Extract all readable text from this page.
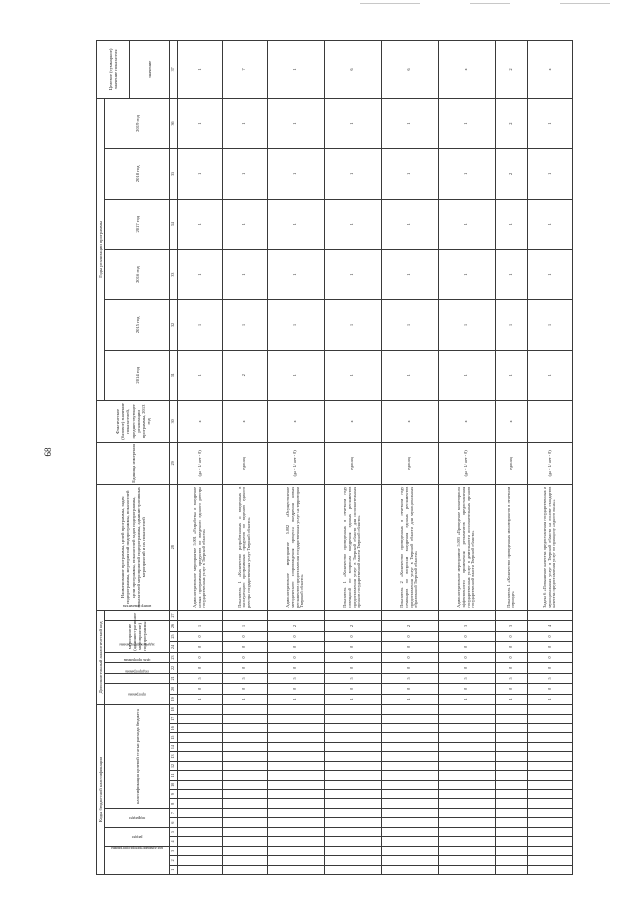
68
Коды бюджетной классификации																		Дополнительный аналитический код									Наименование программы, целей программы, задач подпрограммы, мероприятий подпрограммы, показателей цели программы, показателей задач подпрограммы, показателей мероприятий подпрограммы, административных мероприятий и их показателей	Единица измерения	Фактическое (базовое) значение показателей, предшествующее реализации программы, 2013 год	Годы реализации программы						Целевое (суммарное) значение показателя
код администратора программы			раздел		подраздел		классификация целевой статьи расхода бюджета											программа		подпрограмма	цель программы	задача подпрограммы	мероприятие (административное мероприятие) подпрограммы			номер показателя				2014 год	2015 год	2016 год	2017 год	2018 год	2019 год	
																																				значение
1	2	3	4	5	6	7	8	9	10	11	12	13	14	15	16	17	18	19	20	21	22	23	24	25	26	27	28	29	30	31	32	33	34	35	36	37
																		1	0	5	0	0	0	0	1		Административное мероприятие 5.001 «Разработка и внедрение новых программных продуктов по введению единого реестра государственных услуг в Тверской области»	(да - 1/ нет - 0)	x	1	1	1	1	1	1	1
																		1	0	5	0	0	0	0	1		Показатель 1 «Количество разработанных и введенных в эксплуатацию программных продуктов по ведению единого реестра государственных услуг Тверской области»	единиц	x	2	1	1	1	1	1	7
																		1	0	5	0	0	0	0	2		Административное мероприятие 5.002 «Осуществление методического сопровождения процесса внедрения новых регламентов предоставления государственных услуг на территории Тверской области»	(да - 1/ нет - 0)	x	1	1	1	1	1	1	1
																		1	0	5	0	0	0	0	2		Показатель 1 «Количество проведенных в отчетном году совещаний по вопросам внедрения единых регламентов предоставления услуг в Тверской области для исполнительных органов государственной власти Тверской области»	единиц	x	1	1	1	1	1	1	6
																		1	0	5	0	0	0	0	2		Показатель 2 «Количество проведенных в отчетном году семинаров по вопросам внедрения единых регламентов предоставления услуг в Тверской области для муниципальных образований Тверской области»	единиц	x	1	1	1	1	1	1	6
																		1	0	5	0	0	0	0	3		Административное мероприятие 5.003 «Проведение мониторинга эффективности применения регламентов предоставления государственных услуг в деятельности исполнительных органов государственной власти Тверской области»	(да - 1/ нет - 0)	x	1	1	1	1	1	1	x
																		1	0	5	0	0	0	0	3		Показатель 1 «Количество проведенных мониторингов в отчетном периоде»	единиц	x	1	1	1	1	2	2	2
																		1	0	5	0	0	0	0	4		Задача 6 «Повышение качества предоставления государственных и муниципальных услуг в Тверской области на основе стандартов качества предоставления услуг по принципу «одного окна»»	(да - 1/ нет - 0)		1	1	1	1	1	1	x
